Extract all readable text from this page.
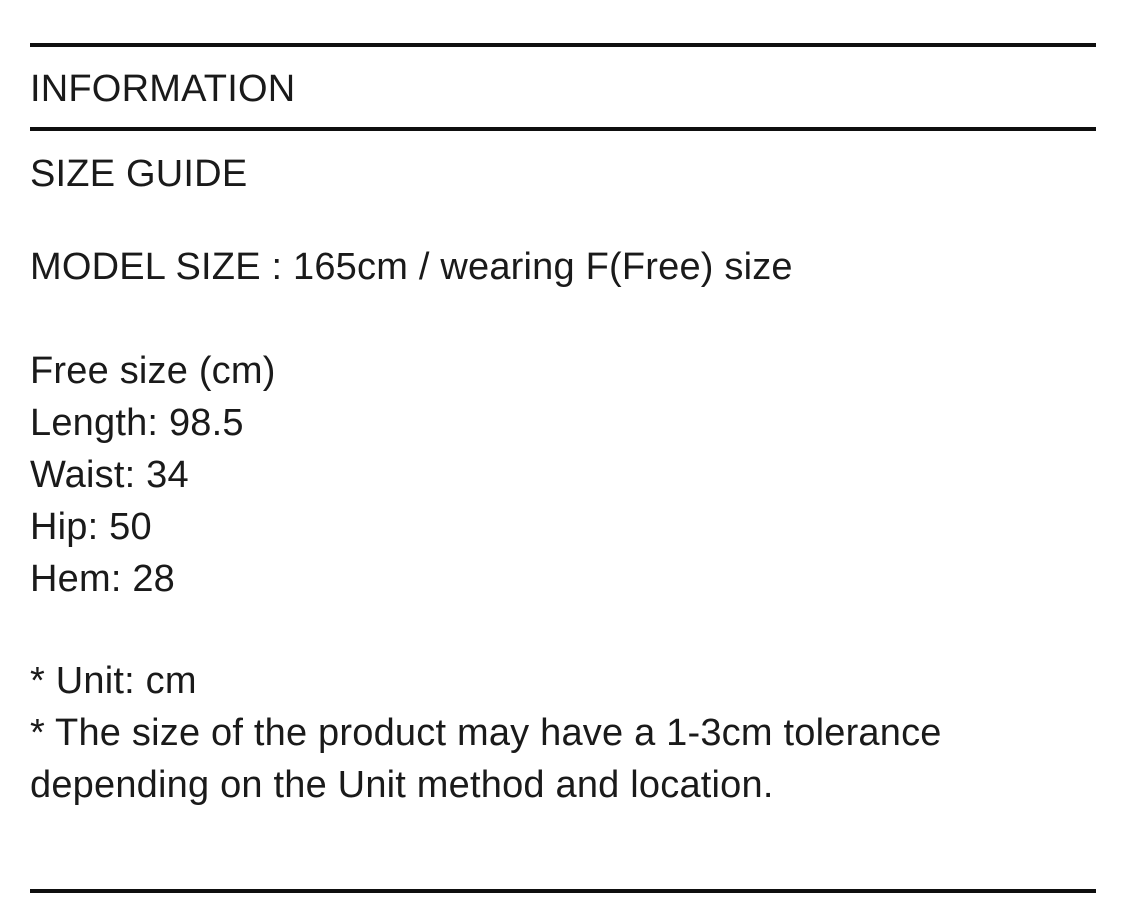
INFORMATION
SIZE GUIDE
MODEL SIZE : 165cm / wearing F(Free) size
Free size (cm)
Length: 98.5
Waist: 34
Hip: 50
Hem: 28
* Unit: cm
* The size of the product may have a 1-3cm tolerance depending on the Unit method and location.
